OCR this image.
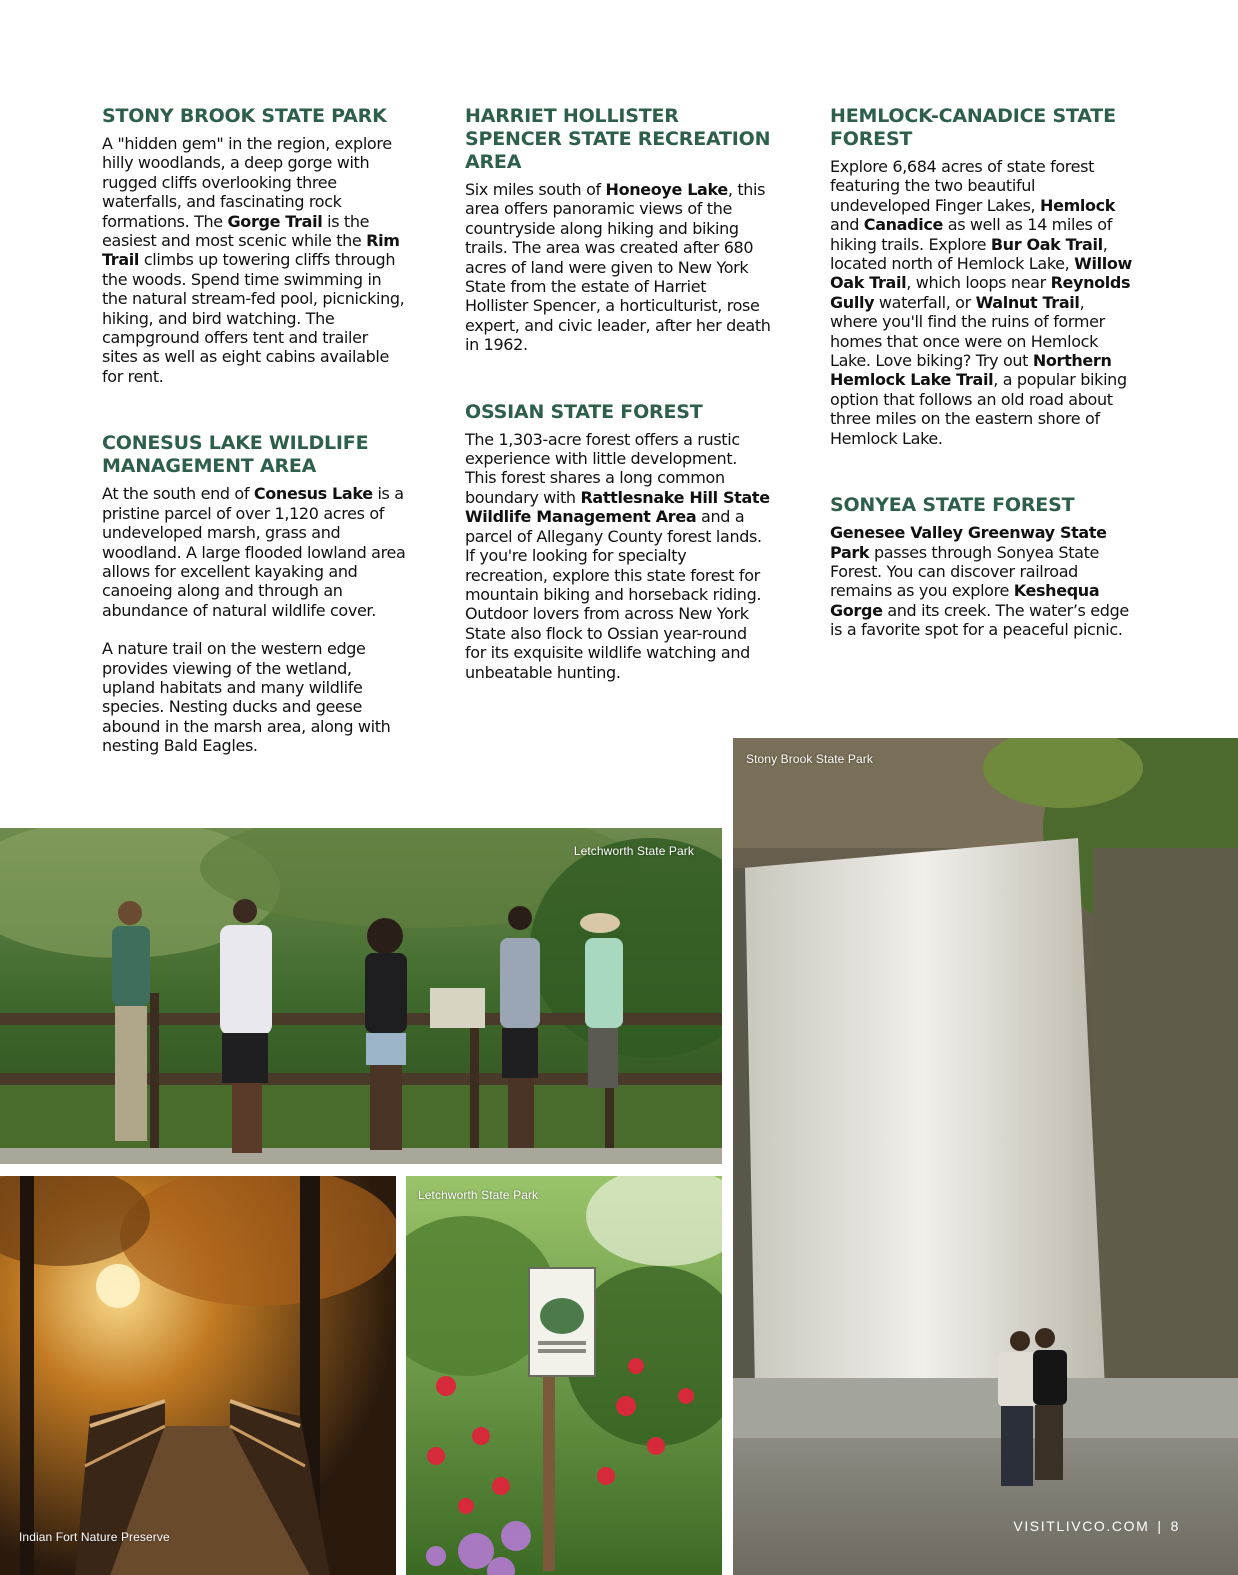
STONY BROOK STATE PARK

A "hidden gem" in the region, explore hilly woodlands, a deep gorge with rugged cliffs overlooking three waterfalls, and fascinating rock formations. The Gorge Trail is the easiest and most scenic while the Rim Trail climbs up towering cliffs through the woods. Spend time swimming in the natural stream-fed pool, picnicking, hiking, and bird watching. The campground offers tent and trailer sites as well as eight cabins available for rent.

CONESUS LAKE WILDLIFE MANAGEMENT AREA

At the south end of Conesus Lake is a pristine parcel of over 1,120 acres of undeveloped marsh, grass and woodland. A large flooded lowland area allows for excellent kayaking and canoeing along and through an abundance of natural wildlife cover.

A nature trail on the western edge provides viewing of the wetland, upland habitats and many wildlife species. Nesting ducks and geese abound in the marsh area, along with nesting Bald Eagles.

HARRIET HOLLISTER SPENCER STATE RECREATION AREA

Six miles south of Honeoye Lake, this area offers panoramic views of the countryside along hiking and biking trails. The area was created after 680 acres of land were given to New York State from the estate of Harriet Hollister Spencer, a horticulturist, rose expert, and civic leader, after her death in 1962.

OSSIAN STATE FOREST

The 1,303-acre forest offers a rustic experience with little development. This forest shares a long common boundary with Rattlesnake Hill State Wildlife Management Area and a parcel of Allegany County forest lands. If you're looking for specialty recreation, explore this state forest for mountain biking and horseback riding. Outdoor lovers from across New York State also flock to Ossian year-round for its exquisite wildlife watching and unbeatable hunting.

HEMLOCK-CANADICE STATE FOREST

Explore 6,684 acres of state forest featuring the two beautiful undeveloped Finger Lakes, Hemlock and Canadice as well as 14 miles of hiking trails. Explore Bur Oak Trail, located north of Hemlock Lake, Willow Oak Trail, which loops near Reynolds Gully waterfall, or Walnut Trail, where you'll find the ruins of former homes that once were on Hemlock Lake. Love biking? Try out Northern Hemlock Lake Trail, a popular biking option that follows an old road about three miles on the eastern shore of Hemlock Lake.

SONYEA STATE FOREST

Genesee Valley Greenway State Park passes through Sonyea State Forest. You can discover railroad remains as you explore Keshequa Gorge and its creek. The water’s edge is a favorite spot for a peaceful picnic.

Letchworth State Park
Stony Brook State Park
Indian Fort Nature Preserve
Letchworth State Park
VISITLIVCO.COM | 8
